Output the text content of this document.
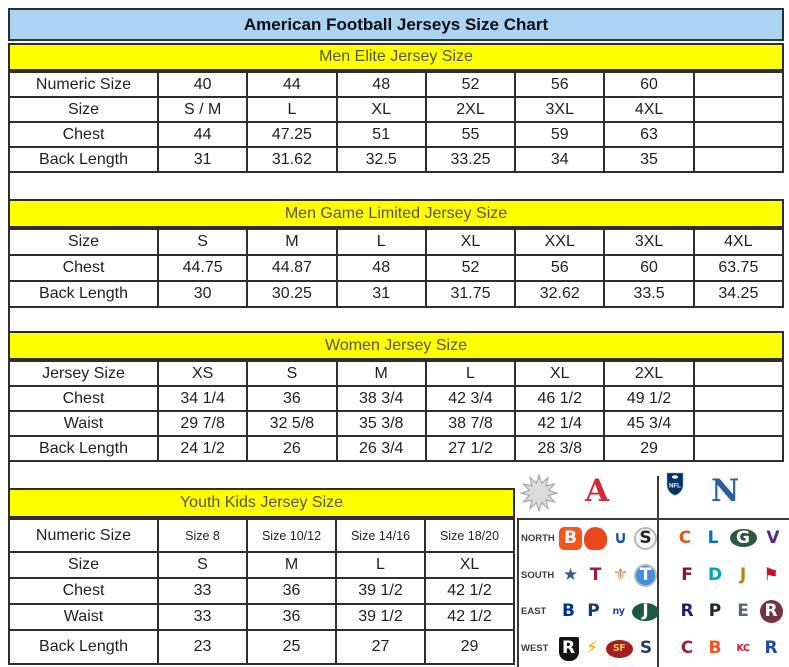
American Football Jerseys Size Chart
Men Elite Jersey Size
Numeric Size	40	44	48	52	56	60	
Size	S / M	L	XL	2XL	3XL	4XL	
Chest	44	47.25	51	55	59	63	
Back Length	31	31.62	32.5	33.25	34	35	
Men Game Limited Jersey Size
Size	S	M	L	XL	XXL	3XL	4XL
Chest	44.75	44.87	48	52	56	60	63.75
Back Length	30	30.25	31	31.75	32.62	33.5	34.25
Women Jersey Size
Jersey Size	XS	S	M	L	XL	2XL	
Chest	34 1/4	36	38 3/4	42 3/4	46 1/2	49 1/2	
Waist	29 7/8	32 5/8	35 3/8	38 7/8	42 1/4	45 3/4	
Back Length	24 1/2	26	26 3/4	27 1/2	28 3/8	29	
Youth Kids Jersey Size
Numeric Size	Size 8	Size 10/12	Size 14/16	Size 18/20
Size	S	M	L	XL
Chest	33	36	39 1/2	42 1/2
Waist	33	36	39 1/2	42 1/2
Back Length	23	25	27	29
A	NFL N
NORTH B ∪ S	C L	G V
SOUTH ★ T ⚜ T	F D	J	⚑
EAST B P	ny	J	R P E R
WEST R ⚡	SF S	C B	KC R
